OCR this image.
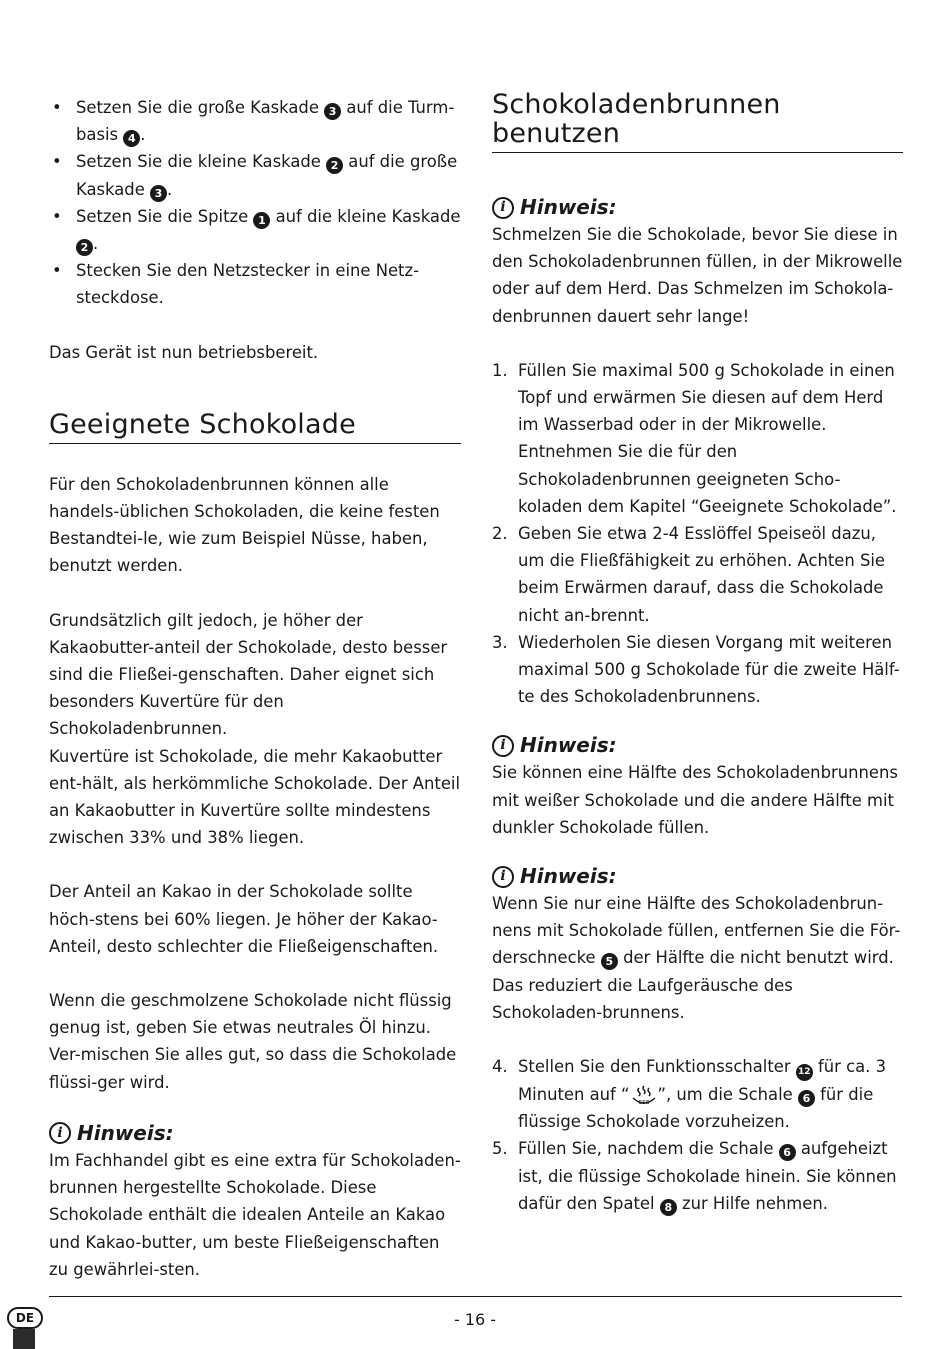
• Setzen Sie die große Kaskade 3 auf die Turm-basis 4 .
• Setzen Sie die kleine Kaskade 2 auf die große Kaskade 3 .
• Setzen Sie die Spitze 1 auf die kleine Kaskade 2 .
• Stecken Sie den Netzstecker in eine Netz-steckdose.

Das Gerät ist nun betriebsbereit.

Geeignete Schokolade

Für den Schokoladenbrunnen können alle handels-üblichen Schokoladen, die keine festen Bestandtei-le, wie zum Beispiel Nüsse, haben, benutzt werden.

Grundsätzlich gilt jedoch, je höher der Kakaobutter-anteil der Schokolade, desto besser sind die Fließei-genschaften. Daher eignet sich besonders Kuvertüre für den Schokoladenbrunnen.

Kuvertüre ist Schokolade, die mehr Kakaobutter ent-hält, als herkömmliche Schokolade. Der Anteil an Kakaobutter in Kuvertüre sollte mindestens zwischen 33% und 38% liegen.

Der Anteil an Kakao in der Schokolade sollte höch-stens bei 60% liegen. Je höher der Kakao-Anteil, desto schlechter die Fließeigenschaften.

Wenn die geschmolzene Schokolade nicht flüssig genug ist, geben Sie etwas neutrales Öl hinzu. Ver-mischen Sie alles gut, so dass die Schokolade flüssi-ger wird.

i Hinweis:

Im Fachhandel gibt es eine extra für Schokoladen-brunnen hergestellte Schokolade. Diese Schokolade enthält die idealen Anteile an Kakao und Kakao-butter, um beste Fließeigenschaften zu gewährlei-sten.

Schokoladenbrunnen
benutzen

i Hinweis:

Schmelzen Sie die Schokolade, bevor Sie diese in den Schokoladenbrunnen füllen, in der Mikrowelle oder auf dem Herd. Das Schmelzen im Schokola-denbrunnen dauert sehr lange!

1. Füllen Sie maximal 500 g Schokolade in einen Topf und erwärmen Sie diesen auf dem Herd im Wasserbad oder in der Mikrowelle. Entnehmen Sie die für den Schokoladenbrunnen geeigneten Scho-koladen dem Kapitel “Geeignete Schokolade”.
2. Geben Sie etwa 2-4 Esslöffel Speiseöl dazu, um die Fließfähigkeit zu erhöhen. Achten Sie beim Erwärmen darauf, dass die Schokolade nicht an-brennt.
3. Wiederholen Sie diesen Vorgang mit weiteren maximal 500 g Schokolade für die zweite Hälf-te des Schokoladenbrunnens.

i Hinweis:

Sie können eine Hälfte des Schokoladenbrunnens mit weißer Schokolade und die andere Hälfte mit dunkler Schokolade füllen.

i Hinweis:

Wenn Sie nur eine Hälfte des Schokoladenbrun-nens mit Schokolade füllen, entfernen Sie die För-derschnecke 5 der Hälfte die nicht benutzt wird. Das reduziert die Laufgeräusche des Schokoladen-brunnens.

4. Stellen Sie den Funktionsschalter 12 für ca. 3 Minuten auf “ sss ”, um die Schale 6 für die flüssige Schokolade vorzuheizen.
5. Füllen Sie, nachdem die Schale 6 aufgeheizt ist, die flüssige Schokolade hinein. Sie können dafür den Spatel 8 zur Hilfe nehmen.
- 16 -
DE
